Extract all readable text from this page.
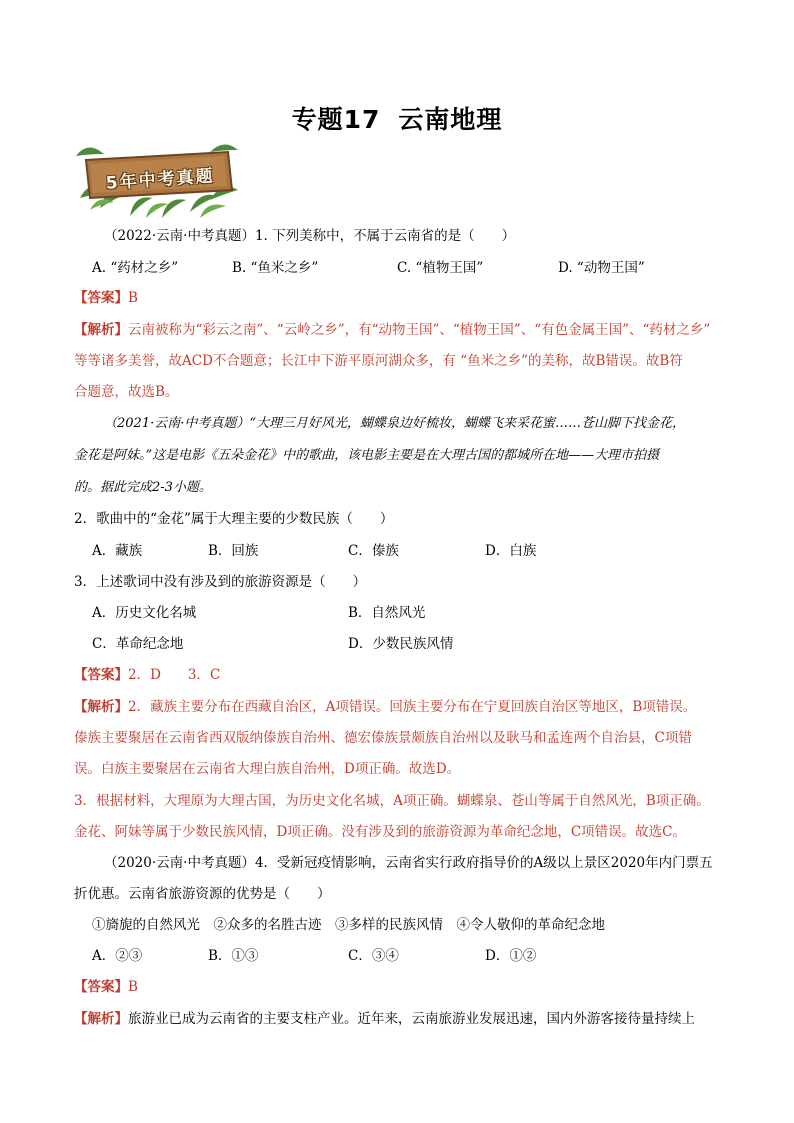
专题17 云南地理
5年中考真题
（2022·云南·中考真题）1. 下列美称中，不属于云南省的是（　　）
A. “药材之乡”	B. “鱼米之乡”	C. “植物王国”	D. “动物王国”
【答案】B
【解析】云南被称为“彩云之南”、“云岭之乡”，有“动物王国”、“植物王国”、“有色金属王国”、“药材之乡”
等等诸多美誉，故ACD不合题意；长江中下游平原河湖众多，有 “鱼米之乡”的美称，故B错误。故B符
合题意，故选B。
（2021·云南·中考真题）“大理三月好风光，蝴蝶泉边好梳妆，蝴蝶飞来采花蜜……苍山脚下找金花，
金花是阿妹。”这是电影《五朵金花》中的歌曲，该电影主要是在大理古国的都城所在地——大理市拍摄
的。据此完成2-3小题。
2．歌曲中的“金花”属于大理主要的少数民族（　　）
A．藏族	B．回族	C．傣族	D．白族
3．上述歌词中没有涉及到的旅游资源是（　　）
A．历史文化名城	B．自然风光
C．革命纪念地	D．少数民族风情
【答案】2．D　　3．C
【解析】2．藏族主要分布在西藏自治区，A项错误。回族主要分布在宁夏回族自治区等地区，B项错误。
傣族主要聚居在云南省西双版纳傣族自治州、德宏傣族景颇族自治州以及耿马和孟连两个自治县，C项错
误。白族主要聚居在云南省大理白族自治州，D项正确。故选D。
3．根据材料，大理原为大理古国，为历史文化名城，A项正确。蝴蝶泉、苍山等属于自然风光，B项正确。
金花、阿妹等属于少数民族风情，D项正确。没有涉及到的旅游资源为革命纪念地，C项错误。故选C。
（2020·云南·中考真题）4．受新冠疫情影响，云南省实行政府指导价的A级以上景区2020年内门票五
折优惠。云南省旅游资源的优势是（　　）
①旖旎的自然风光　②众多的名胜古迹　③多样的民族风情　④令人敬仰的革命纪念地
A．②③	B．①③	C．③④	D．①②
【答案】B
【解析】旅游业已成为云南省的主要支柱产业。近年来，云南旅游业发展迅速，国内外游客接待量持续上
